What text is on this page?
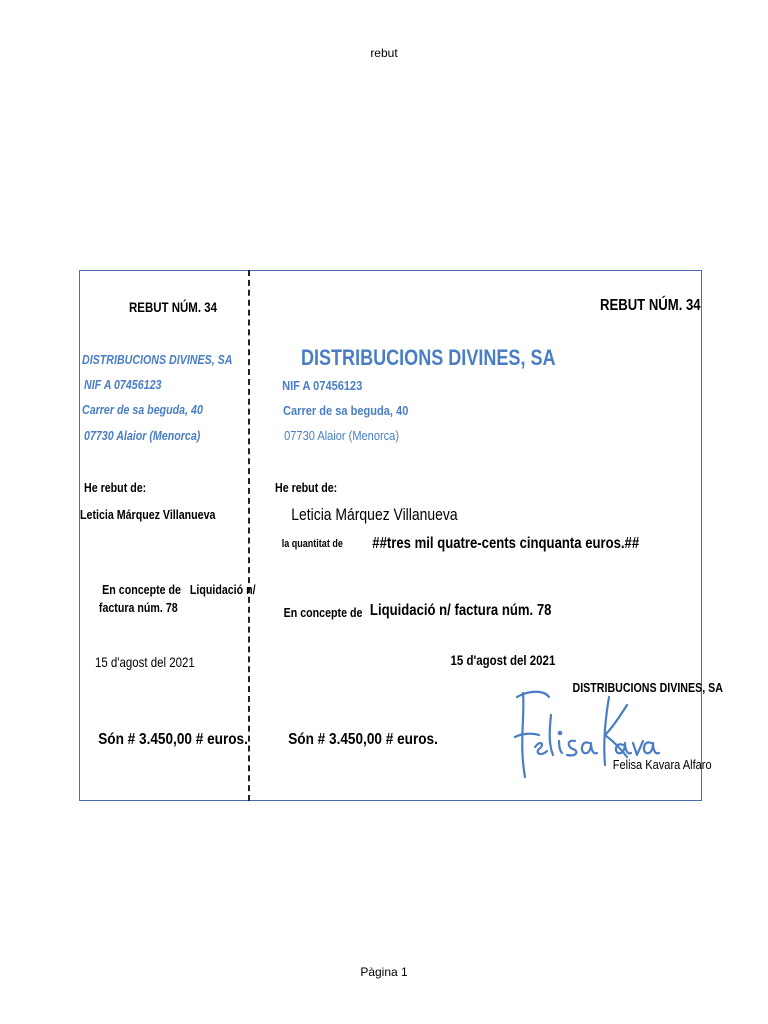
rebut
REBUT NÚM. 34
DISTRIBUCIONS DIVINES, SA
NIF A 07456123
Carrer de sa beguda, 40
07730 Alaior (Menorca)
He rebut de:
Leticia Márquez Villanueva
En concepte de Liquidació n/ factura núm. 78
15 d'agost del 2021
Són # 3.450,00 # euros.
REBUT NÚM. 34
DISTRIBUCIONS DIVINES, SA
NIF A 07456123
Carrer de sa beguda, 40
07730 Alaior (Menorca)
He rebut de:
Leticia Márquez Villanueva
la quantitat de ##tres mil quatre-cents cinquanta euros.##
En concepte de Liquidació n/ factura núm. 78
15 d'agost del 2021
Són # 3.450,00 # euros.
DISTRIBUCIONS DIVINES, SA
Felisa Kavara Alfaro
Pàgina 1
